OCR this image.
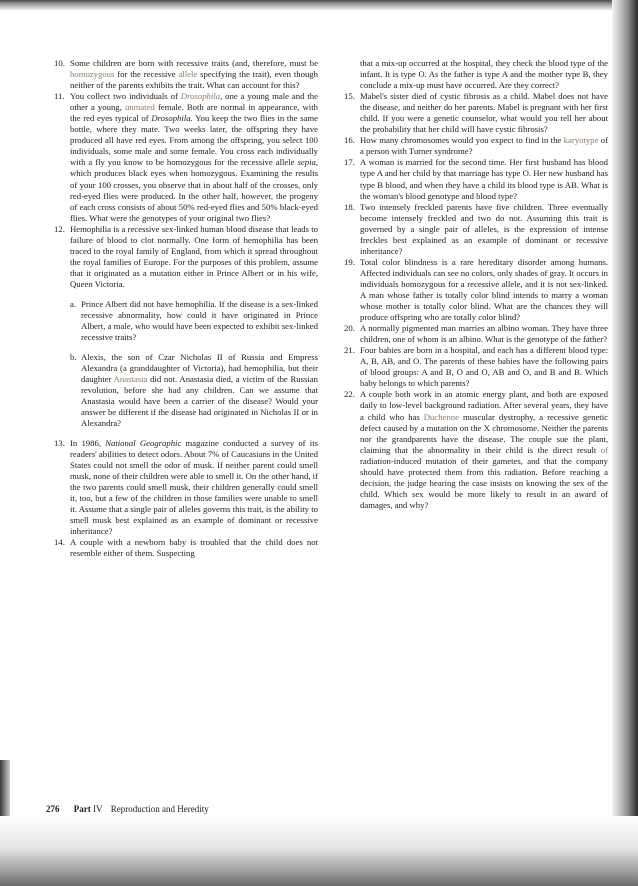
10. Some children are born with recessive traits (and, therefore, must be homozygous for the recessive allele specifying the trait), even though neither of the parents exhibits the trait. What can account for this?

11. You collect two individuals of Drosophila, one a young male and the other a young, unmated female. Both are normal in appearance, with the red eyes typical of Drosophila. You keep the two flies in the same bottle, where they mate. Two weeks later, the offspring they have produced all have red eyes. From among the offspring, you select 100 individuals, some male and some female. You cross each individually with a fly you know to be homozygous for the recessive allele sepia, which produces black eyes when homozygous. Examining the results of your 100 crosses, you observe that in about half of the crosses, only red-eyed flies were produced. In the other half, however, the progeny of each cross consists of about 50% red-eyed flies and 50% black-eyed flies. What were the genotypes of your original two flies?

12. Hemophilia is a recessive sex-linked human blood disease that leads to failure of blood to clot normally. One form of hemophilia has been traced to the royal family of England, from which it spread throughout the royal families of Europe. For the purposes of this problem, assume that it originated as a mutation either in Prince Albert or in his wife, Queen Victoria.

a. Prince Albert did not have hemophilia. If the disease is a sex-linked recessive abnormality, how could it have originated in Prince Albert, a male, who would have been expected to exhibit sex-linked recessive traits?

b. Alexis, the son of Czar Nicholas II of Russia and Empress Alexandra (a granddaughter of Victoria), had hemophilia, but their daughter Anastasia did not. Anastasia died, a victim of the Russian revolution, before she had any children. Can we assume that Anastasia would have been a carrier of the disease? Would your answer be different if the disease had originated in Nicholas II or in Alexandra?

13. In 1986, National Geographic magazine conducted a survey of its readers' abilities to detect odors. About 7% of Caucasians in the United States could not smell the odor of musk. If neither parent could smell musk, none of their children were able to smell it. On the other hand, if the two parents could smell musk, their children generally could smell it, too, but a few of the children in those families were unable to smell it. Assume that a single pair of alleles governs this trait, is the ability to smell musk best explained as an example of dominant or recessive inheritance?

14. A couple with a newborn baby is troubled that the child does not resemble either of them. Suspecting

that a mix-up occurred at the hospital, they check the blood type of the infant. It is type O. As the father is type A and the mother type B, they conclude a mix-up must have occurred. Are they correct?

15. Mabel's sister died of cystic fibrosis as a child. Mabel does not have the disease, and neither do her parents. Mabel is pregnant with her first child. If you were a genetic counselor, what would you tell her about the probability that her child will have cystic fibrosis?

16. How many chromosomes would you expect to find in the karyotype of a person with Turner syndrome?

17. A woman is married for the second time. Her first husband has blood type A and her child by that marriage has type O. Her new husband has type B blood, and when they have a child its blood type is AB. What is the woman's blood genotype and blood type?

18. Two intensely freckled parents have five children. Three eventually become intensely freckled and two do not. Assuming this trait is governed by a single pair of alleles, is the expression of intense freckles best explained as an example of dominant or recessive inheritance?

19. Total color blindness is a rare hereditary disorder among humans. Affected individuals can see no colors, only shades of gray. It occurs in individuals homozygous for a recessive allele, and it is not sex-linked. A man whose father is totally color blind intends to marry a woman whose mother is totally color blind. What are the chances they will produce offspring who are totally color blind?

20. A normally pigmented man marries an albino woman. They have three children, one of whom is an albino. What is the genotype of the father?

21. Four babies are born in a hospital, and each has a different blood type: A, B, AB, and O. The parents of these babies have the following pairs of blood groups: A and B, O and O, AB and O, and B and B. Which baby belongs to which parents?

22. A couple both work in an atomic energy plant, and both are exposed daily to low-level background radiation. After several years, they have a child who has Duchenne muscular dystrophy, a recessive genetic defect caused by a mutation on the X chromosome. Neither the parents nor the grandparents have the disease. The couple sue the plant, claiming that the abnormality in their child is the direct result of radiation-induced mutation of their gametes, and that the company should have protected them from this radiation. Before reaching a decision, the judge hearing the case insists on knowing the sex of the child. Which sex would be more likely to result in an award of damages, and why?

276 Part IV Reproduction and Heredity
